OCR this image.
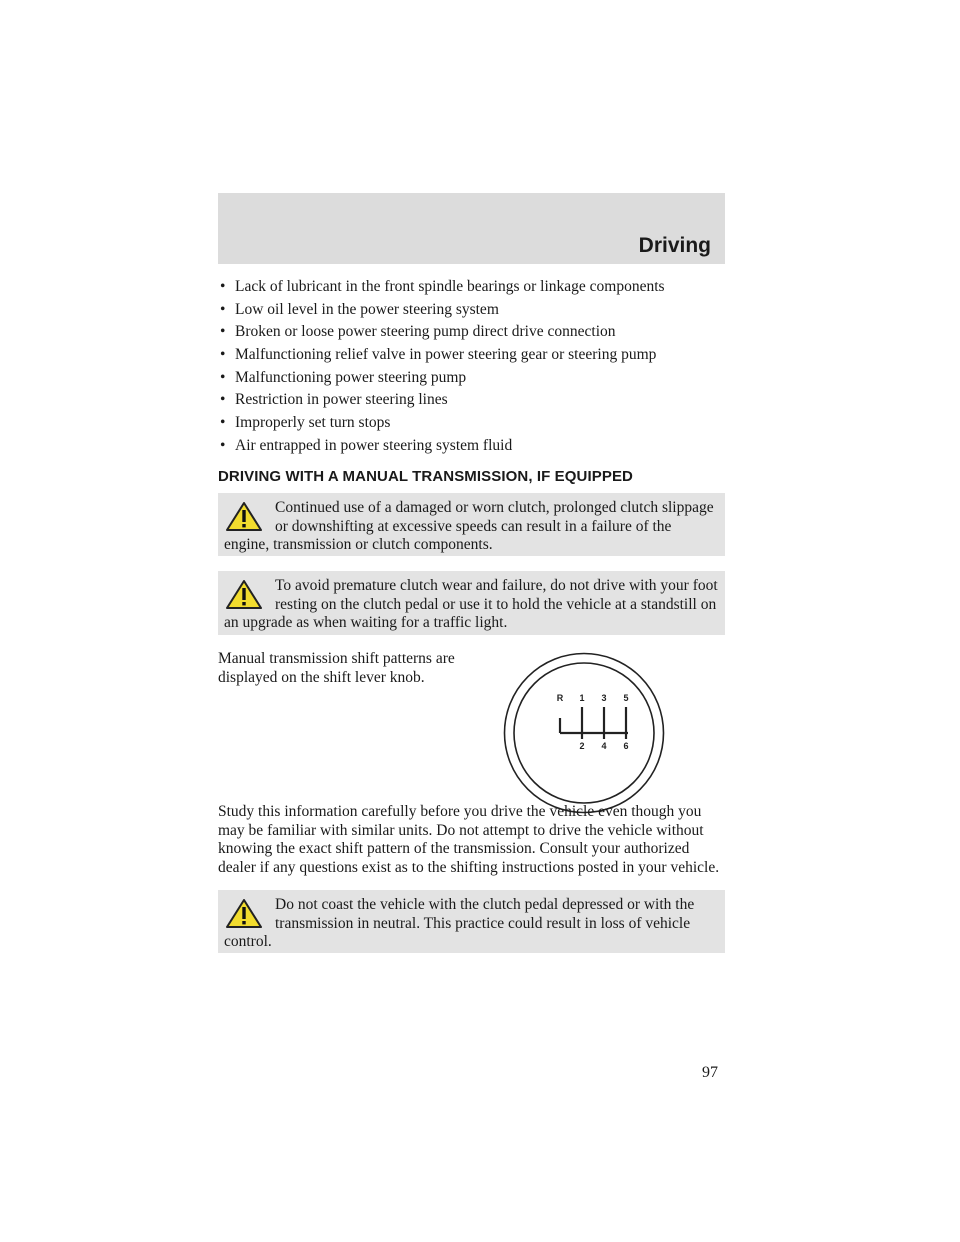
Driving
• Lack of lubricant in the front spindle bearings or linkage components
• Low oil level in the power steering system
• Broken or loose power steering pump direct drive connection
• Malfunctioning relief valve in power steering gear or steering pump
• Malfunctioning power steering pump
• Restriction in power steering lines
• Improperly set turn stops
• Air entrapped in power steering system fluid
DRIVING WITH A MANUAL TRANSMISSION, IF EQUIPPED

Continued use of a damaged or worn clutch, prolonged clutch slippage or downshifting at excessive speeds can result in a failure of the engine, transmission or clutch components.

To avoid premature clutch wear and failure, do not drive with your foot resting on the clutch pedal or use it to hold the vehicle at a standstill on an upgrade as when waiting for a traffic light.

Manual transmission shift patterns are displayed on the shift lever knob.

R 1 3 5
2 4 6

Study this information carefully before you drive the vehicle even though you may be familiar with similar units. Do not attempt to drive the vehicle without knowing the exact shift pattern of the transmission. Consult your authorized dealer if any questions exist as to the shifting instructions posted in your vehicle.

Do not coast the vehicle with the clutch pedal depressed or with the transmission in neutral. This practice could result in loss of vehicle control.

97
